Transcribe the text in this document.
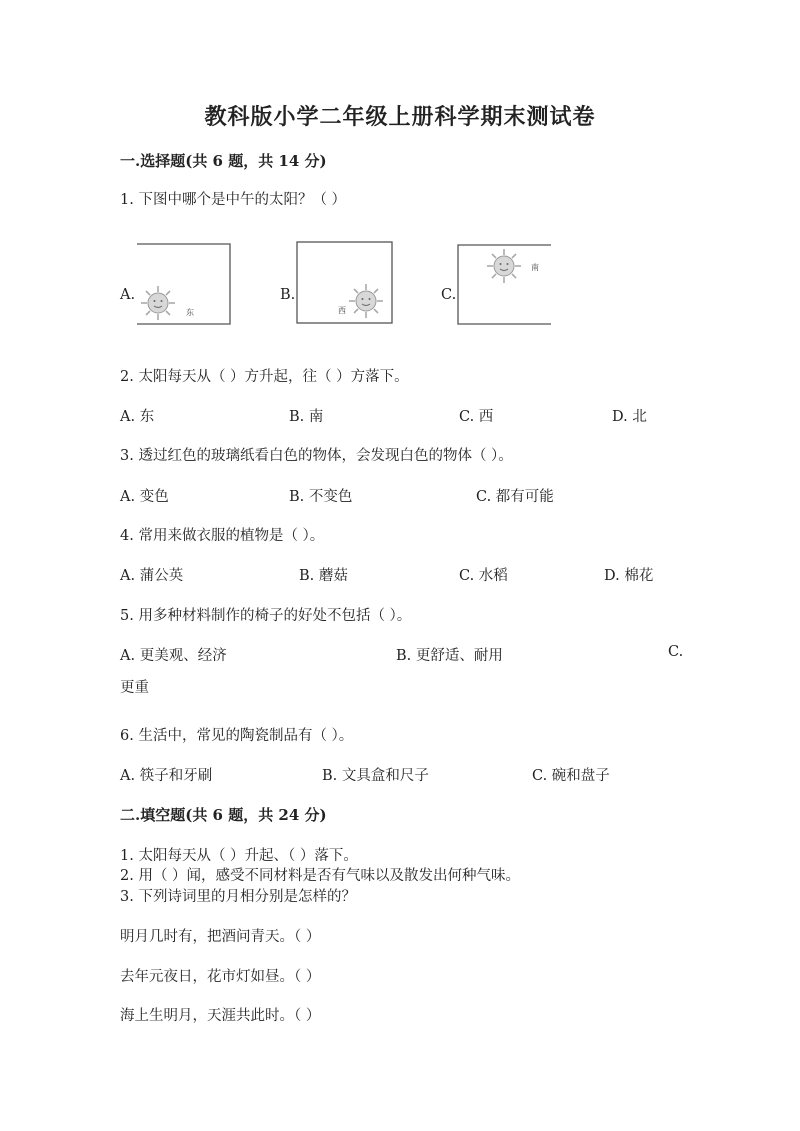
教科版小学二年级上册科学期末测试卷
一.选择题(共 6 题，共 14 分)
1. 下图中哪个是中午的太阳？（ ）
A.
东
B.
西
C.
南
2. 太阳每天从（ ）方升起，往（ ）方落下。
A. 东	B. 南	C. 西	D. 北
3. 透过红色的玻璃纸看白色的物体，会发现白色的物体（ ）。
A. 变色	B. 不变色	C. 都有可能
4. 常用来做衣服的植物是（ ）。
A. 蒲公英	B. 蘑菇	C. 水稻	D. 棉花
5. 用多种材料制作的椅子的好处不包括（ ）。
A. 更美观、经济	B. 更舒适、耐用	C.
更重
6. 生活中，常见的陶瓷制品有（ ）。
A. 筷子和牙刷	B. 文具盒和尺子	C. 碗和盘子
二.填空题(共 6 题，共 24 分)
1. 太阳每天从（ ）升起、（ ）落下。
2. 用（ ）闻，感受不同材料是否有气味以及散发出何种气味。
3. 下列诗词里的月相分别是怎样的？
明月几时有，把酒问青天。（ ）
去年元夜日，花市灯如昼。（ ）
海上生明月，天涯共此时。（ ）
